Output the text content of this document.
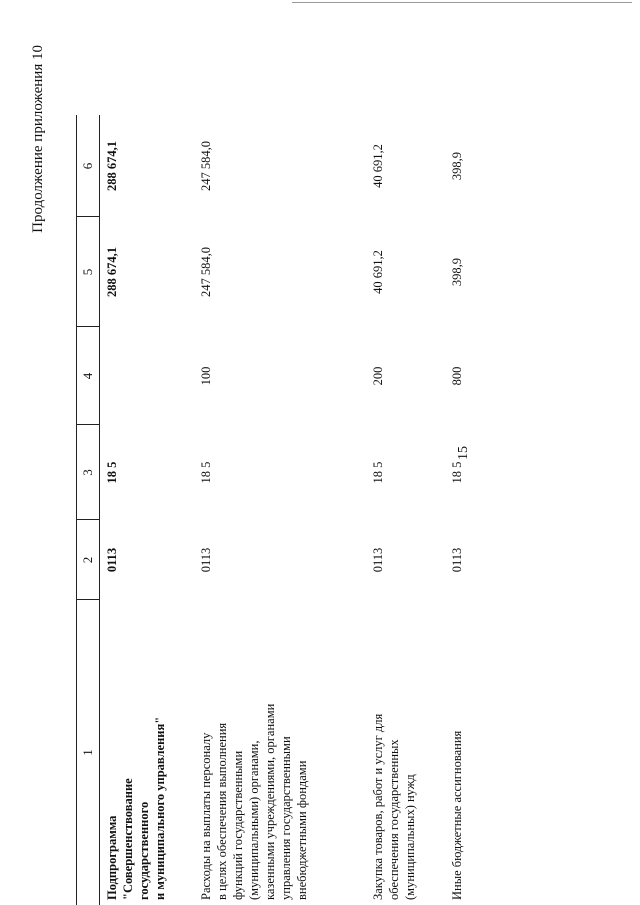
15
Продолжение приложения 10
1
2
3
4
5
6
Подпрограмма "Совершенствование государственного и муниципального управления"
0113
18 5
288 674,1
288 674,1
Расходы на выплаты персоналу в целях обеспечения выполнения функций государственными (муниципальными) органами, казенными учреждениями, органами управления государственными внебюджетными фондами
0113
18 5
100
247 584,0
247 584,0
Закупка товаров, работ и услуг для обеспечения государственных (муниципальных) нужд
0113
18 5
200
40 691,2
40 691,2
Иные бюджетные ассигнования
0113
18 5
800
398,9
398,9
